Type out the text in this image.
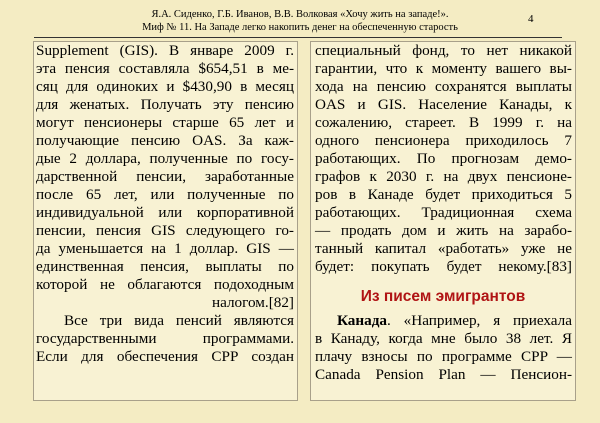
Я.А. Сиденко, Г.Б. Иванов, В.В. Волковая «Хочу жить на западе!».
Миф № 11. На Западе легко накопить денег на обеспеченную старость
4
Supplement (GIS). В январе 2009 г.
эта пенсия составляла $654,51 в ме-
сяц для одиноких и $430,90 в месяц
для женатых. Получать эту пенсию
могут пенсионеры старше 65 лет и
получающие пенсию OAS. За каж-
дые 2 доллара, полученные по госу-
дарственной пенсии, заработанные
после 65 лет, или полученные по
индивидуальной или корпоративной
пенсии, пенсия GIS следующего го-
да уменьшается на 1 доллар. GIS —
единственная пенсия, выплаты по
которой не облагаются подоходным
налогом.[82]
Все три вида пенсий являются
государственными программами.
Если для обеспечения CPP создан
специальный фонд, то нет никакой
гарантии, что к моменту вашего вы-
хода на пенсию сохранятся выплаты
OAS и GIS. Население Канады, к
сожалению, стареет. В 1999 г. на
одного пенсионера приходилось 7
работающих. По прогнозам демо-
графов к 2030 г. на двух пенсионе-
ров в Канаде будет приходиться 5
работающих. Традиционная схема
— продать дом и жить на зарабо-
танный капитал «работать» уже не
будет: покупать будет некому.[83]
Из писем эмигрантов
Канада. «Например, я приехала
в Канаду, когда мне было 38 лет. Я
плачу взносы по программе CPP —
Canada Pension Plan — Пенсион-
